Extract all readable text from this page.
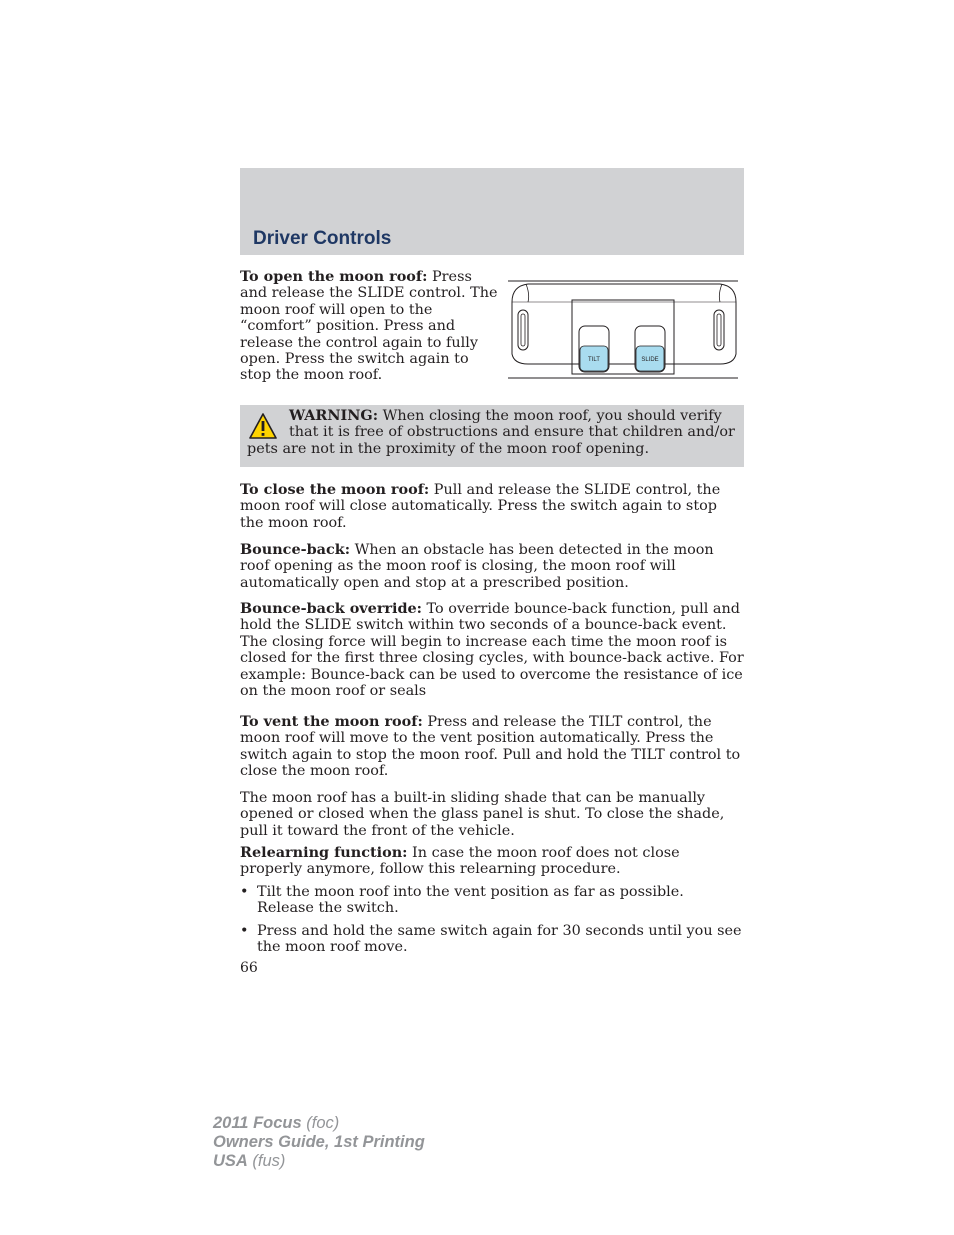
Driver Controls

To open the moon roof: Press and release the SLIDE control. The moon roof will open to the “comfort” position. Press and release the control again to fully open. Press the switch again to stop the moon roof.

TILT	SLIDE

WARNING: When closing the moon roof, you should verify that it is free of obstructions and ensure that children and/or pets are not in the proximity of the moon roof opening.

To close the moon roof: Pull and release the SLIDE control, the moon roof will close automatically. Press the switch again to stop the moon roof.

Bounce-back: When an obstacle has been detected in the moon roof opening as the moon roof is closing, the moon roof will automatically open and stop at a prescribed position.

Bounce-back override: To override bounce-back function, pull and hold the SLIDE switch within two seconds of a bounce-back event. The closing force will begin to increase each time the moon roof is closed for the first three closing cycles, with bounce-back active. For example: Bounce-back can be used to overcome the resistance of ice on the moon roof or seals

To vent the moon roof: Press and release the TILT control, the moon roof will move to the vent position automatically. Press the switch again to stop the moon roof. Pull and hold the TILT control to close the moon roof.

The moon roof has a built-in sliding shade that can be manually opened or closed when the glass panel is shut. To close the shade, pull it toward the front of the vehicle.

Relearning function: In case the moon roof does not close properly anymore, follow this relearning procedure.

• Tilt the moon roof into the vent position as far as possible. Release the switch.
• Press and hold the same switch again for 30 seconds until you see the moon roof move.
66
2011 Focus (foc)
Owners Guide, 1st Printing
USA (fus)
